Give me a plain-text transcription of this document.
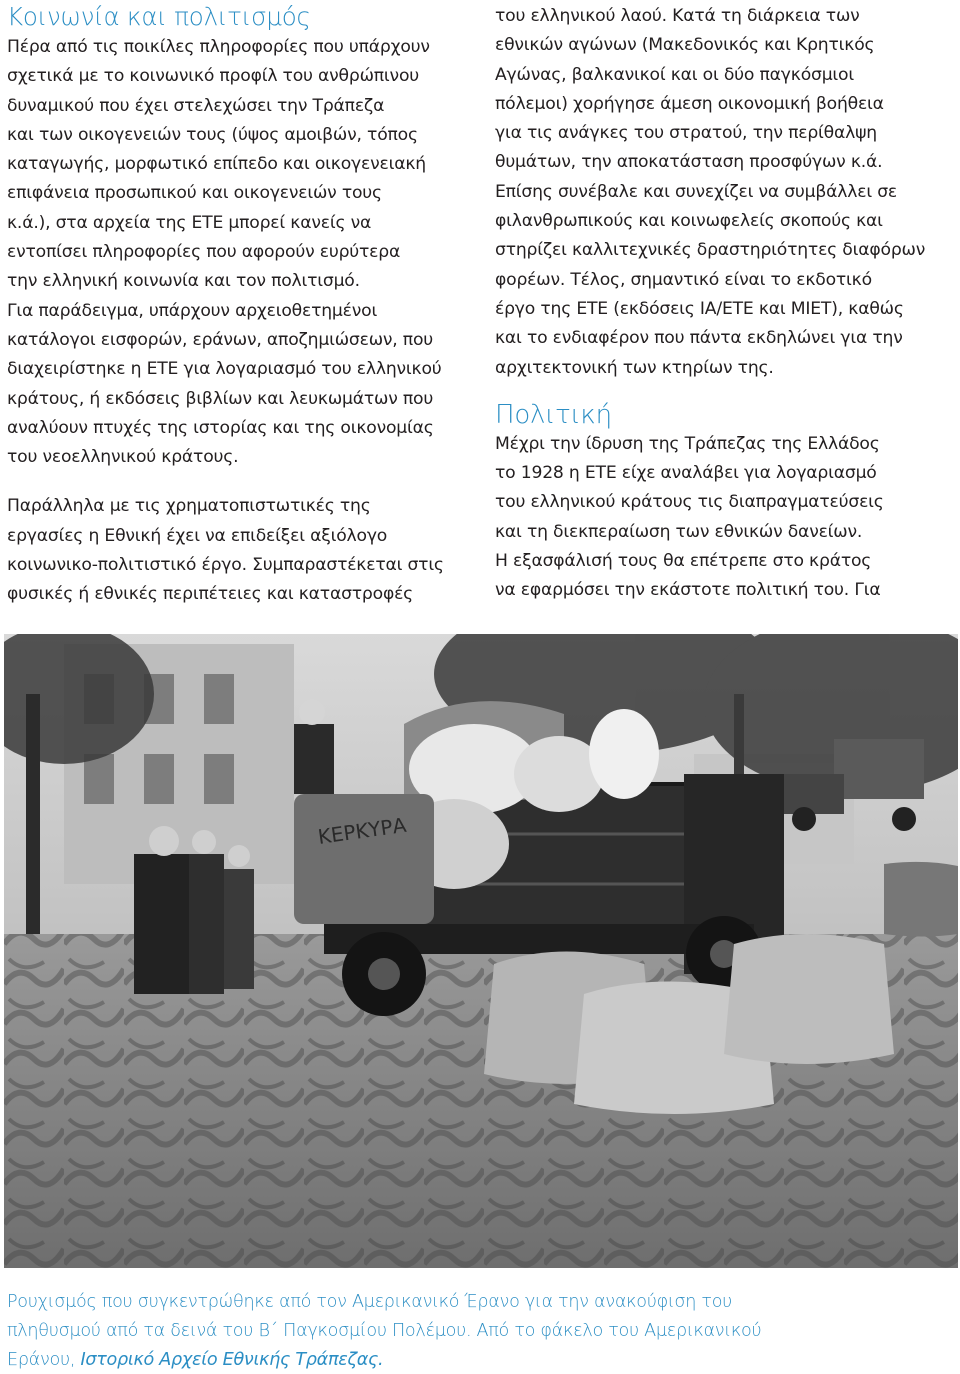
Κοινωνία και πολιτισμός
Πέρα από τις ποικίλες πληροφορίες που υπάρχουν
σχετικά με το κοινωνικό προφίλ του ανθρώπινου
δυναμικού που έχει στελεχώσει την Τράπεζα
και των οικογενειών τους (ύψος αμοιβών, τόπος
καταγωγής, μορφωτικό επίπεδο και οικογενειακή
επιφάνεια προσωπικού και οικογενειών τους
κ.ά.), στα αρχεία της ΕΤΕ μπορεί κανείς να
εντοπίσει πληροφορίες που αφορούν ευρύτερα
την ελληνική κοινωνία και τον πολιτισμό.
Για παράδειγμα, υπάρχουν αρχειοθετημένοι
κατάλογοι εισφορών, εράνων, αποζημιώσεων, που
διαχειρίστηκε η ΕΤΕ για λογαριασμό του ελληνικού
κράτους, ή εκδόσεις βιβλίων και λευκωμάτων που
αναλύουν πτυχές της ιστορίας και της οικονομίας
του νεοελληνικού κράτους.
Παράλληλα με τις χρηματοπιστωτικές της
εργασίες η Εθνική έχει να επιδείξει αξιόλογο
κοινωνικο-πολιτιστικό έργο. Συμπαραστέκεται στις
φυσικές ή εθνικές περιπέτειες και καταστροφές
του ελληνικού λαού. Κατά τη διάρκεια των
εθνικών αγώνων (Μακεδονικός και Κρητικός
Αγώνας, βαλκανικοί και οι δύο παγκόσμιοι
πόλεμοι) χορήγησε άμεση οικονομική βοήθεια
για τις ανάγκες του στρατού, την περίθαλψη
θυμάτων, την αποκατάσταση προσφύγων κ.ά.
Επίσης συνέβαλε και συνεχίζει να συμβάλλει σε
φιλανθρωπικούς και κοινωφελείς σκοπούς και
στηρίζει καλλιτεχνικές δραστηριότητες διαφόρων
φορέων. Τέλος, σημαντικό είναι το εκδοτικό
έργο της ΕΤΕ (εκδόσεις ΙΑ/ΕΤΕ και ΜΙΕΤ), καθώς
και το ενδιαφέρον που πάντα εκδηλώνει για την
αρχιτεκτονική των κτηρίων της.
Πολιτική
Μέχρι την ίδρυση της Τράπεζας της Ελλάδος
το 1928 η ΕΤΕ είχε αναλάβει για λογαριασμό
του ελληνικού κράτους τις διαπραγματεύσεις
και τη διεκπεραίωση των εθνικών δανείων.
Η εξασφάλισή τους θα επέτρεπε στο κράτος
να εφαρμόσει την εκάστοτε πολιτική του. Για
ΚΕΡΚΥΡΑ
Ρουχισμός που συγκεντρώθηκε από τον Αμερικανικό Έρανο για την ανακούφιση του
πληθυσμού από τα δεινά του Β΄ Παγκοσμίου Πολέμου. Από το φάκελο του Αμερικανικού
Εράνου, Ιστορικό Αρχείο Εθνικής Τράπεζας.
